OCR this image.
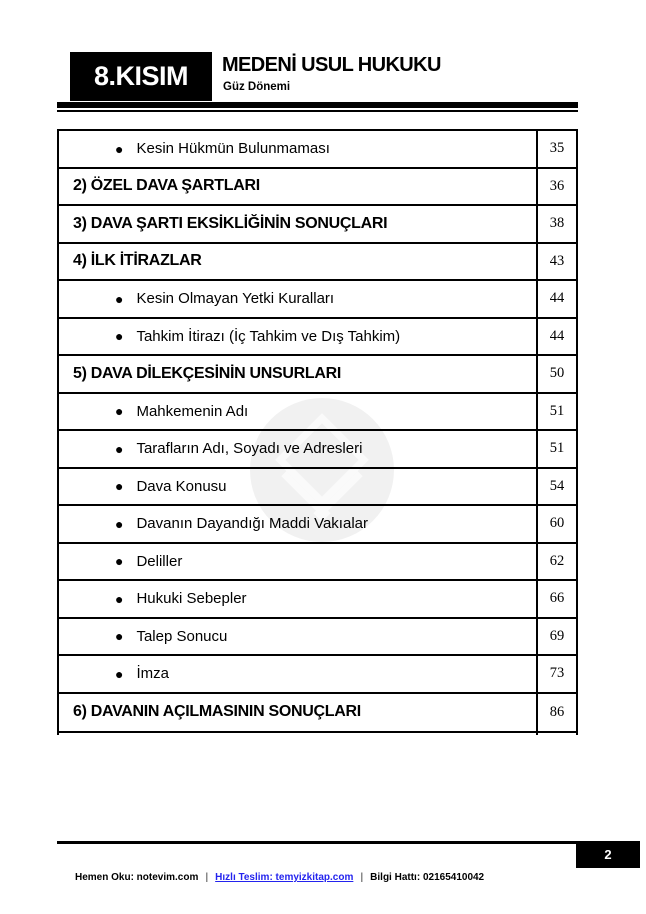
8.KISIM MEDENİ USUL HUKUKU
Güz Dönemi
● Kesin Hükmün Bulunmaması	35
2) ÖZEL DAVA ŞARTLARI	36
3) DAVA ŞARTI EKSİKLİĞİNİN SONUÇLARI	38
4) İLK İTİRAZLAR	43
● Kesin Olmayan Yetki Kuralları	44
● Tahkim İtirazı (İç Tahkim ve Dış Tahkim)	44
5) DAVA DİLEKÇESİNİN UNSURLARI	50
● Mahkemenin Adı	51
● Tarafların Adı, Soyadı ve Adresleri	51
● Dava Konusu	54
● Davanın Dayandığı Maddi Vakıalar	60
● Deliller	62
● Hukuki Sebepler	66
● Talep Sonucu	69
● İmza	73
6) DAVANIN AÇILMASININ SONUÇLARI	86
2
Hemen Oku: notevim.com | Hızlı Teslim: temyizkitap.com | Bilgi Hattı: 02165410042
